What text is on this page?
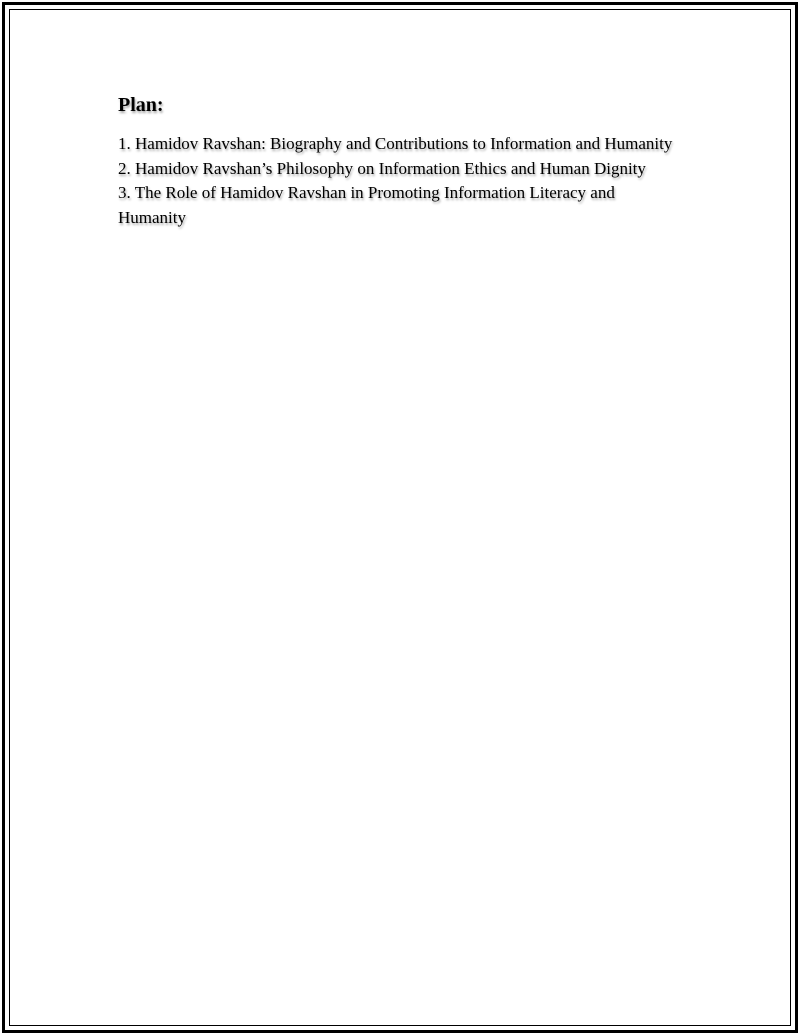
Plan:
1. Hamidov Ravshan: Biography and Contributions to Information and Humanity
2. Hamidov Ravshan’s Philosophy on Information Ethics and Human Dignity
3. The Role of Hamidov Ravshan in Promoting Information Literacy and Humanity
